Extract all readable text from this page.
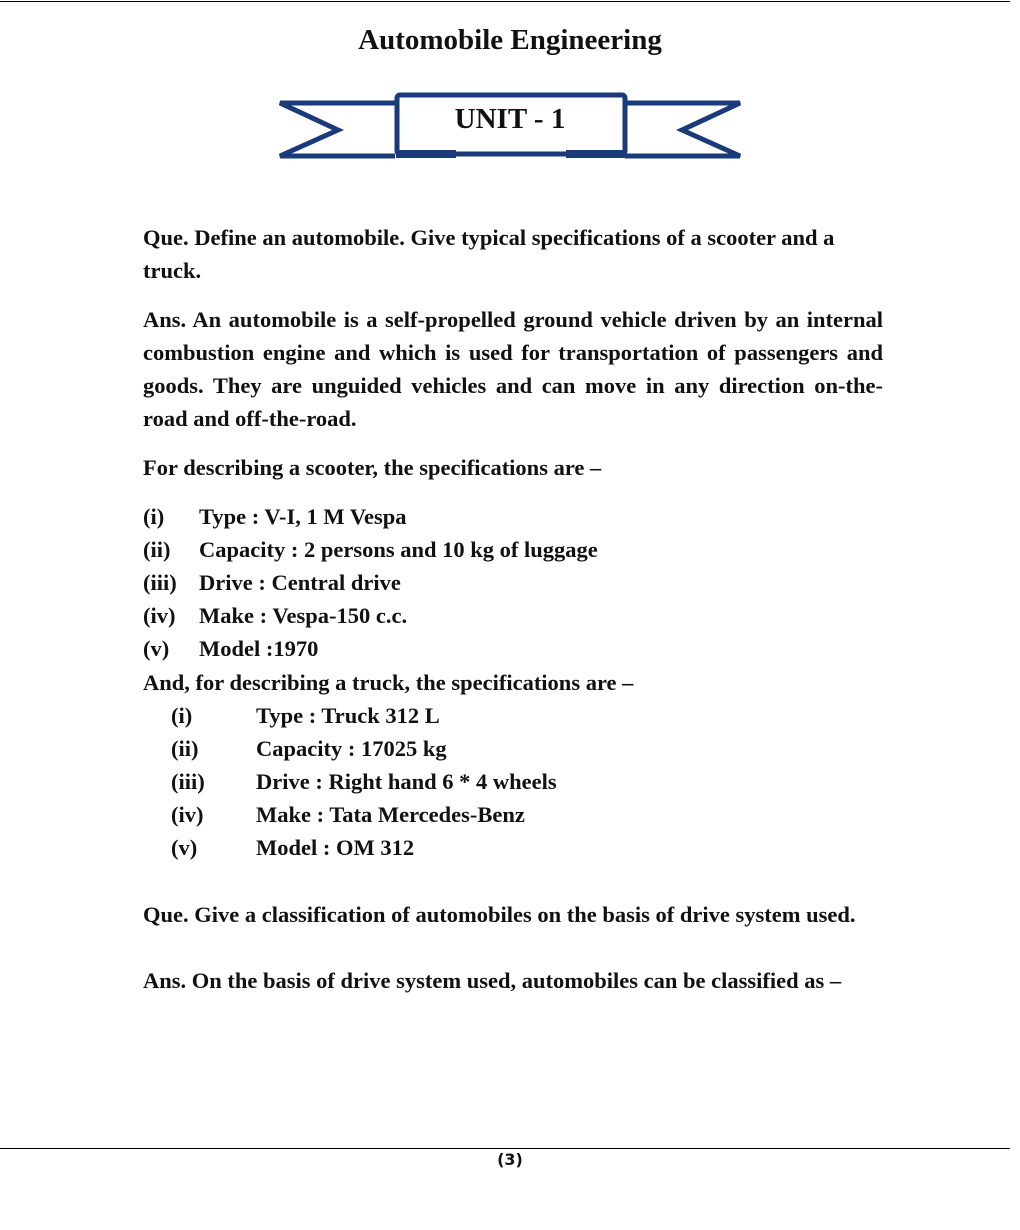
Automobile Engineering
UNIT - 1
Que. Define an automobile. Give typical specifications of a scooter and a truck.
Ans. An automobile is a self-propelled ground vehicle driven by an internal combustion engine and which is used for transportation of passengers and goods. They are unguided vehicles and can move in any direction on-the-road and off-the-road.
For describing a scooter, the specifications are –
(i) Type : V-I, 1 M Vespa
(ii) Capacity : 2 persons and 10 kg of luggage
(iii) Drive : Central drive
(iv) Make : Vespa-150 c.c.
(v) Model :1970
And, for describing a truck, the specifications are –
(i)	Type : Truck 312 L
(ii)	Capacity : 17025 kg
(iii) Drive : Right hand 6 * 4 wheels
(iv) Make : Tata Mercedes-Benz
(v)	Model : OM 312
Que. Give a classification of automobiles on the basis of drive system used.
Ans. On the basis of drive system used, automobiles can be classified as –
(3)
